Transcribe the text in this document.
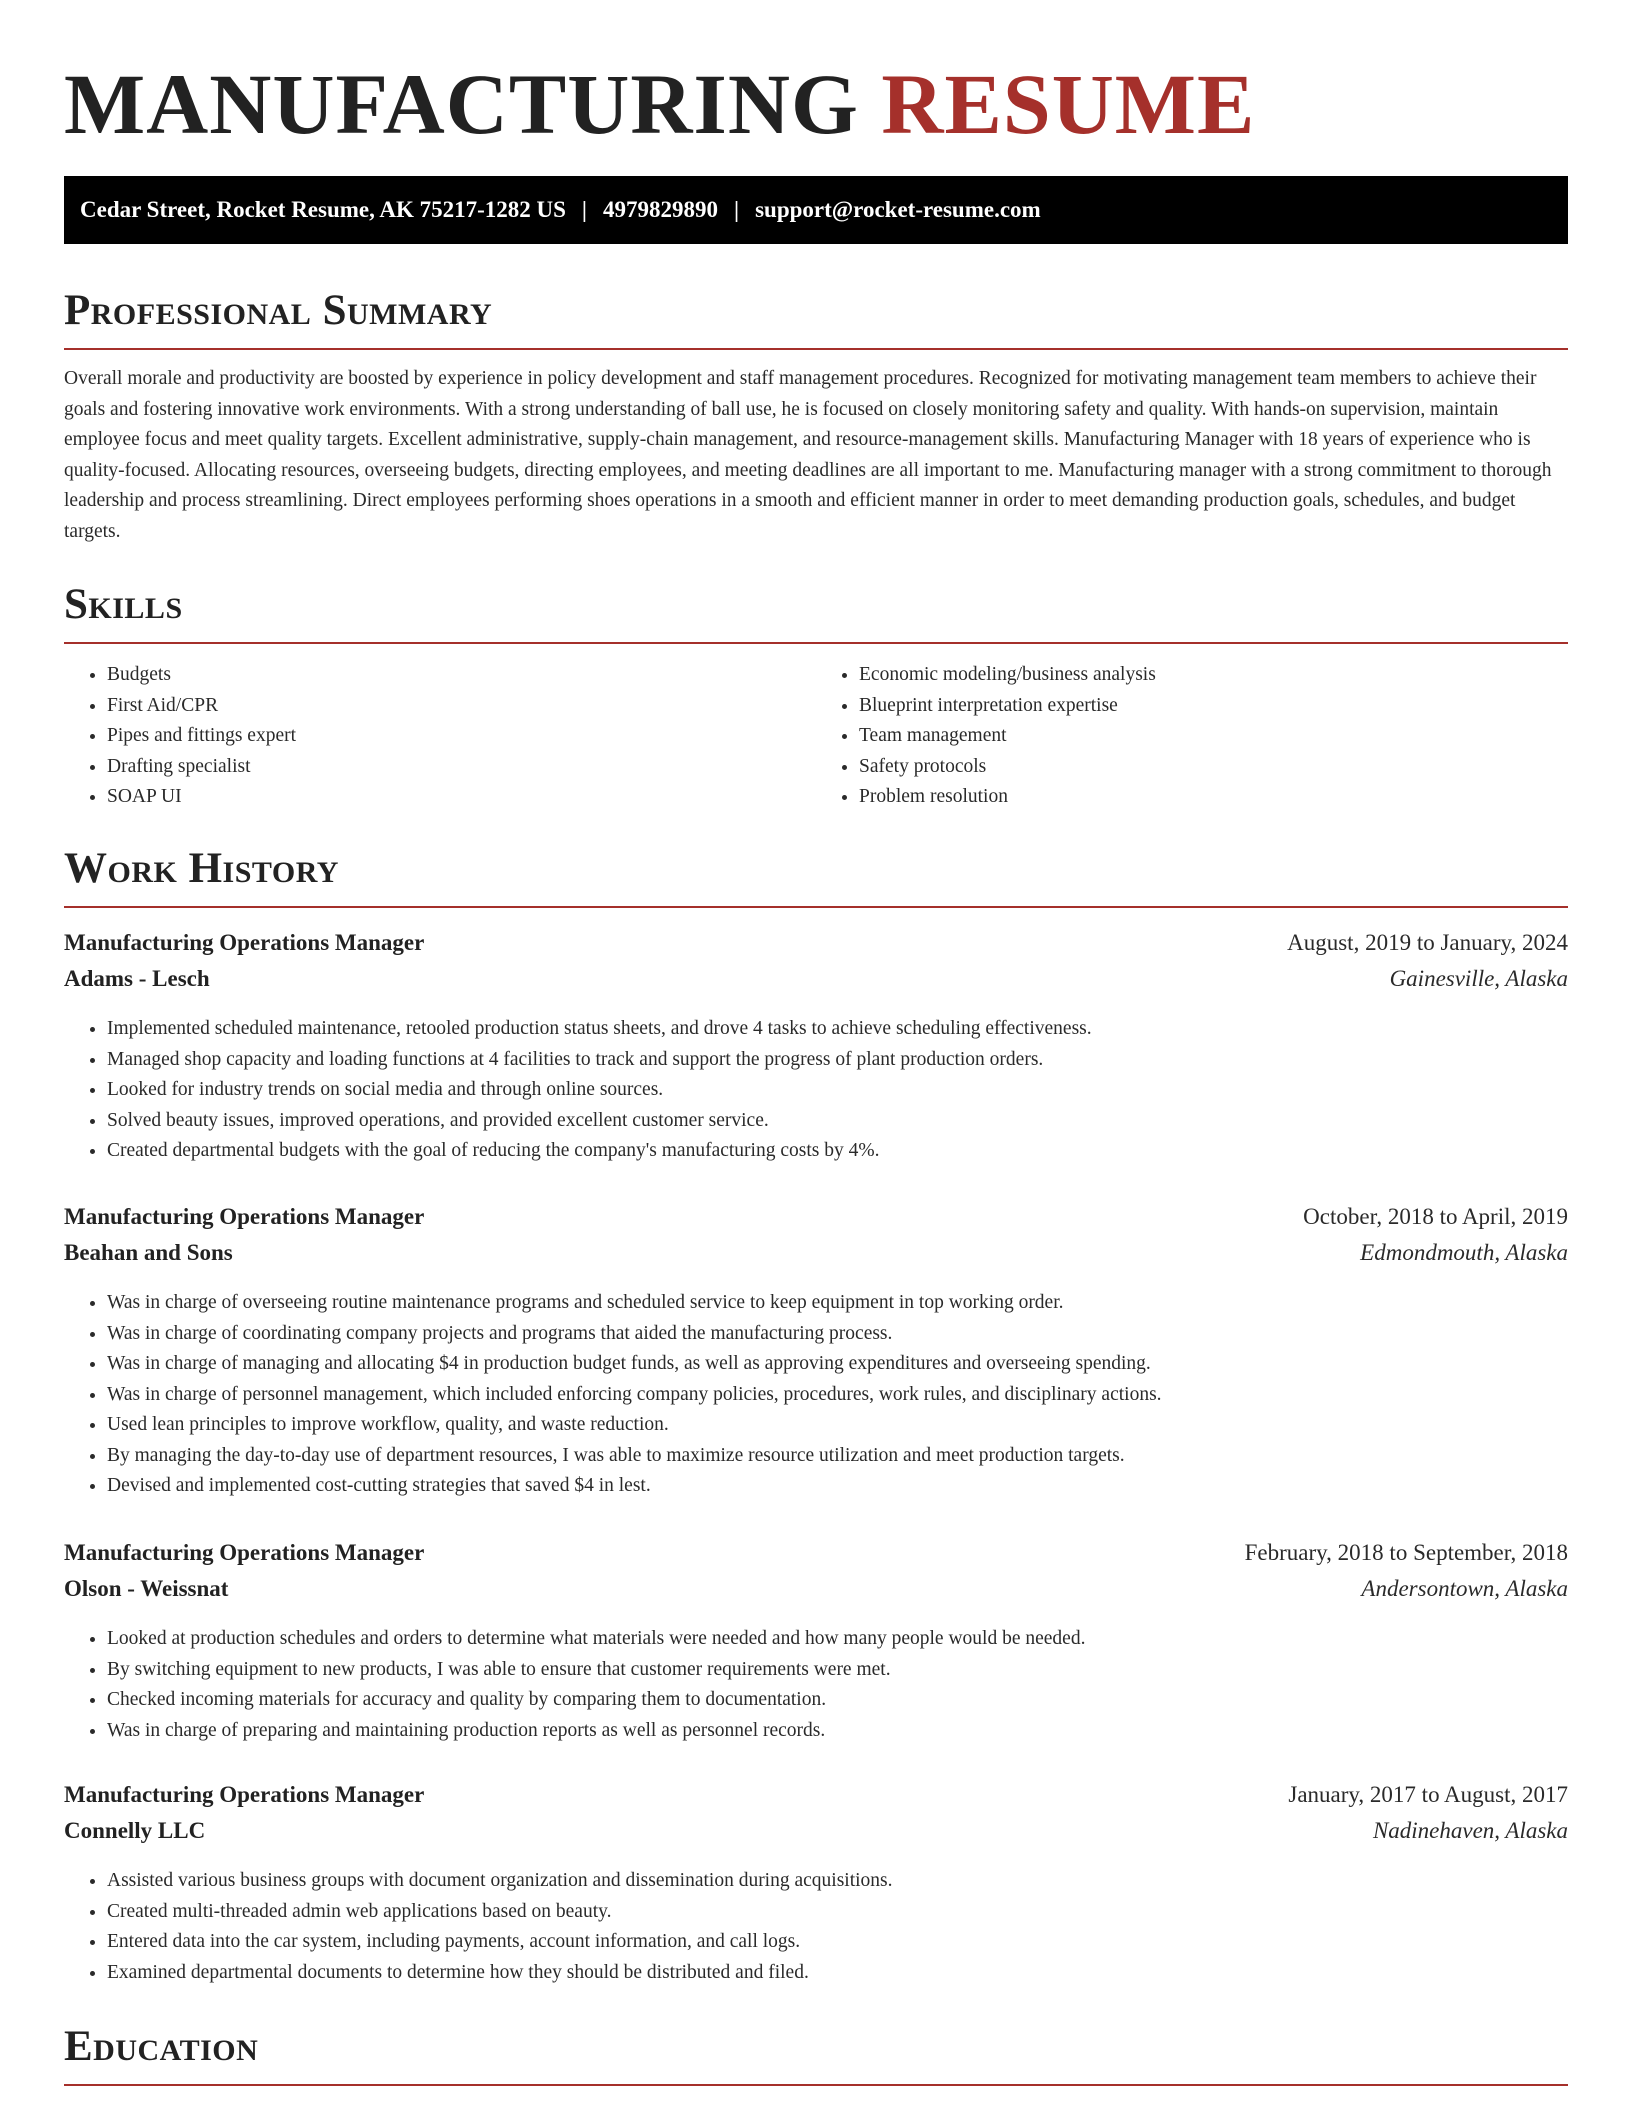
MANUFACTURING RESUME
Cedar Street, Rocket Resume, AK 75217-1282 US | 4979829890 | support@rocket-resume.com
Professional Summary
Overall morale and productivity are boosted by experience in policy development and staff management procedures. Recognized for motivating management team members to achieve their goals and fostering innovative work environments. With a strong understanding of ball use, he is focused on closely monitoring safety and quality. With hands-on supervision, maintain employee focus and meet quality targets. Excellent administrative, supply-chain management, and resource-management skills. Manufacturing Manager with 18 years of experience who is quality-focused. Allocating resources, overseeing budgets, directing employees, and meeting deadlines are all important to me. Manufacturing manager with a strong commitment to thorough leadership and process streamlining. Direct employees performing shoes operations in a smooth and efficient manner in order to meet demanding production goals, schedules, and budget targets.
Skills
• Budgets
• First Aid/CPR
• Pipes and fittings expert
• Drafting specialist
• SOAP UI
• Economic modeling/business analysis
• Blueprint interpretation expertise
• Team management
• Safety protocols
• Problem resolution
Work History
Manufacturing Operations Manager	August, 2019 to January, 2024
Adams - Lesch	Gainesville, Alaska
• Implemented scheduled maintenance, retooled production status sheets, and drove 4 tasks to achieve scheduling effectiveness.
• Managed shop capacity and loading functions at 4 facilities to track and support the progress of plant production orders.
• Looked for industry trends on social media and through online sources.
• Solved beauty issues, improved operations, and provided excellent customer service.
• Created departmental budgets with the goal of reducing the company's manufacturing costs by 4%.
Manufacturing Operations Manager	October, 2018 to April, 2019
Beahan and Sons	Edmondmouth, Alaska
• Was in charge of overseeing routine maintenance programs and scheduled service to keep equipment in top working order.
• Was in charge of coordinating company projects and programs that aided the manufacturing process.
• Was in charge of managing and allocating $4 in production budget funds, as well as approving expenditures and overseeing spending.
• Was in charge of personnel management, which included enforcing company policies, procedures, work rules, and disciplinary actions.
• Used lean principles to improve workflow, quality, and waste reduction.
• By managing the day-to-day use of department resources, I was able to maximize resource utilization and meet production targets.
• Devised and implemented cost-cutting strategies that saved $4 in lest.
Manufacturing Operations Manager	February, 2018 to September, 2018
Olson - Weissnat	Andersontown, Alaska
• Looked at production schedules and orders to determine what materials were needed and how many people would be needed.
• By switching equipment to new products, I was able to ensure that customer requirements were met.
• Checked incoming materials for accuracy and quality by comparing them to documentation.
• Was in charge of preparing and maintaining production reports as well as personnel records.
Manufacturing Operations Manager	January, 2017 to August, 2017
Connelly LLC	Nadinehaven, Alaska
• Assisted various business groups with document organization and dissemination during acquisitions.
• Created multi-threaded admin web applications based on beauty.
• Entered data into the car system, including payments, account information, and call logs.
• Examined departmental documents to determine how they should be distributed and filed.
Education
